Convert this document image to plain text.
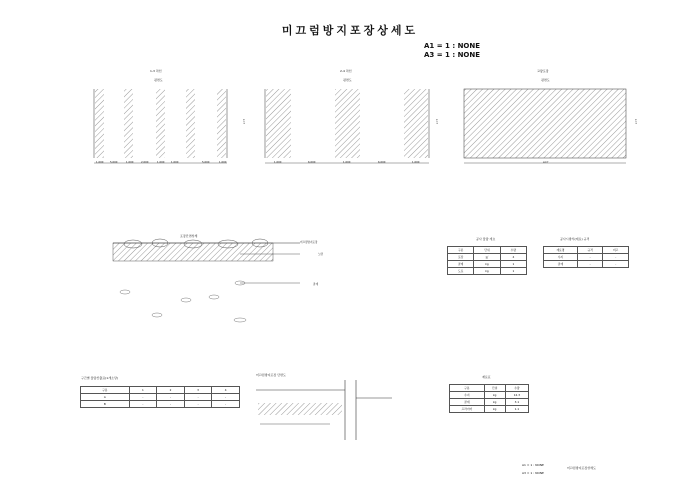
미끄럼방지포장상세도
A1 = 1 : NONE
A3 = 1 : NONE
1-3 차선
평면도
2-4 차선
평면도
교량포장
평면도
1,000	5,000	1,000	2,000	1,000	1,000	5,000	1,000	1,000	6,000	1,000	6,000	1,000	A=?
L=?	L=?	L=?
포장단면상세
미끄럼방지포장
노면
골재
공사 물량 개요
구분	단위	수량
포장	㎡	4
골재	kg	1
도료	kg	1
공사시방서(재료) 규격
재료명	규격	비고
수지	-	-
골재	-	-
구간별 물량산출표(1개소당)
구분	1	2	3	4
A	-	-	-	-
B	-	-	-	-
재료표
구분	단위	수량
수지	kg	12.3
골재	kg	3.1
프라이머	kg	1.1
미끄럼방지포장 단면도
A1 = 1 : NONE
A3 = 1 : NONE
미끄럼방지포장상세도
